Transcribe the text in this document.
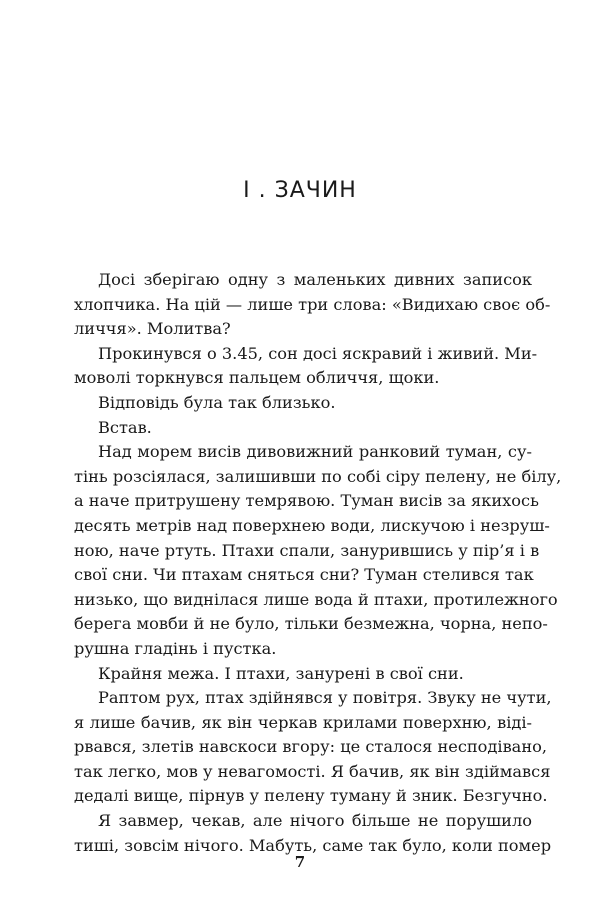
I . ЗАЧИН
Досі зберігаю одну з маленьких дивних записок
хлопчика. На цій — лише три слова: «Видихаю своє об-
личчя». Молитва?
Прокинувся о 3.45, сон досі яскравий і живий. Ми-
моволі торкнувся пальцем обличчя, щоки.
Відповідь була так близько.
Встав.
Над морем висів дивовижний ранковий туман, су-
тінь розсіялася, залишивши по собі сіру пелену, не білу,
а наче притрушену темрявою. Туман висів за якихось
десять метрів над поверхнею води, лискучою і незруш-
ною, наче ртуть. Птахи спали, занурившись у пір’я і в
свої сни. Чи птахам сняться сни? Туман стелився так
низько, що виднілася лише вода й птахи, протилежного
берега мовби й не було, тільки безмежна, чорна, непо-
рушна гладінь і пустка.
Крайня межа. І птахи, занурені в свої сни.
Раптом рух, птах здійнявся у повітря. Звуку не чути,
я лише бачив, як він черкав крилами поверхню, віді-
рвався, злетів навскоси вгору: це сталося несподівано,
так легко, мов у невагомості. Я бачив, як він здіймався
дедалі вище, пірнув у пелену туману й зник. Безгучно.
Я завмер, чекав, але нічого більше не порушило
тиші, зовсім нічого. Мабуть, саме так було, коли помер
7
